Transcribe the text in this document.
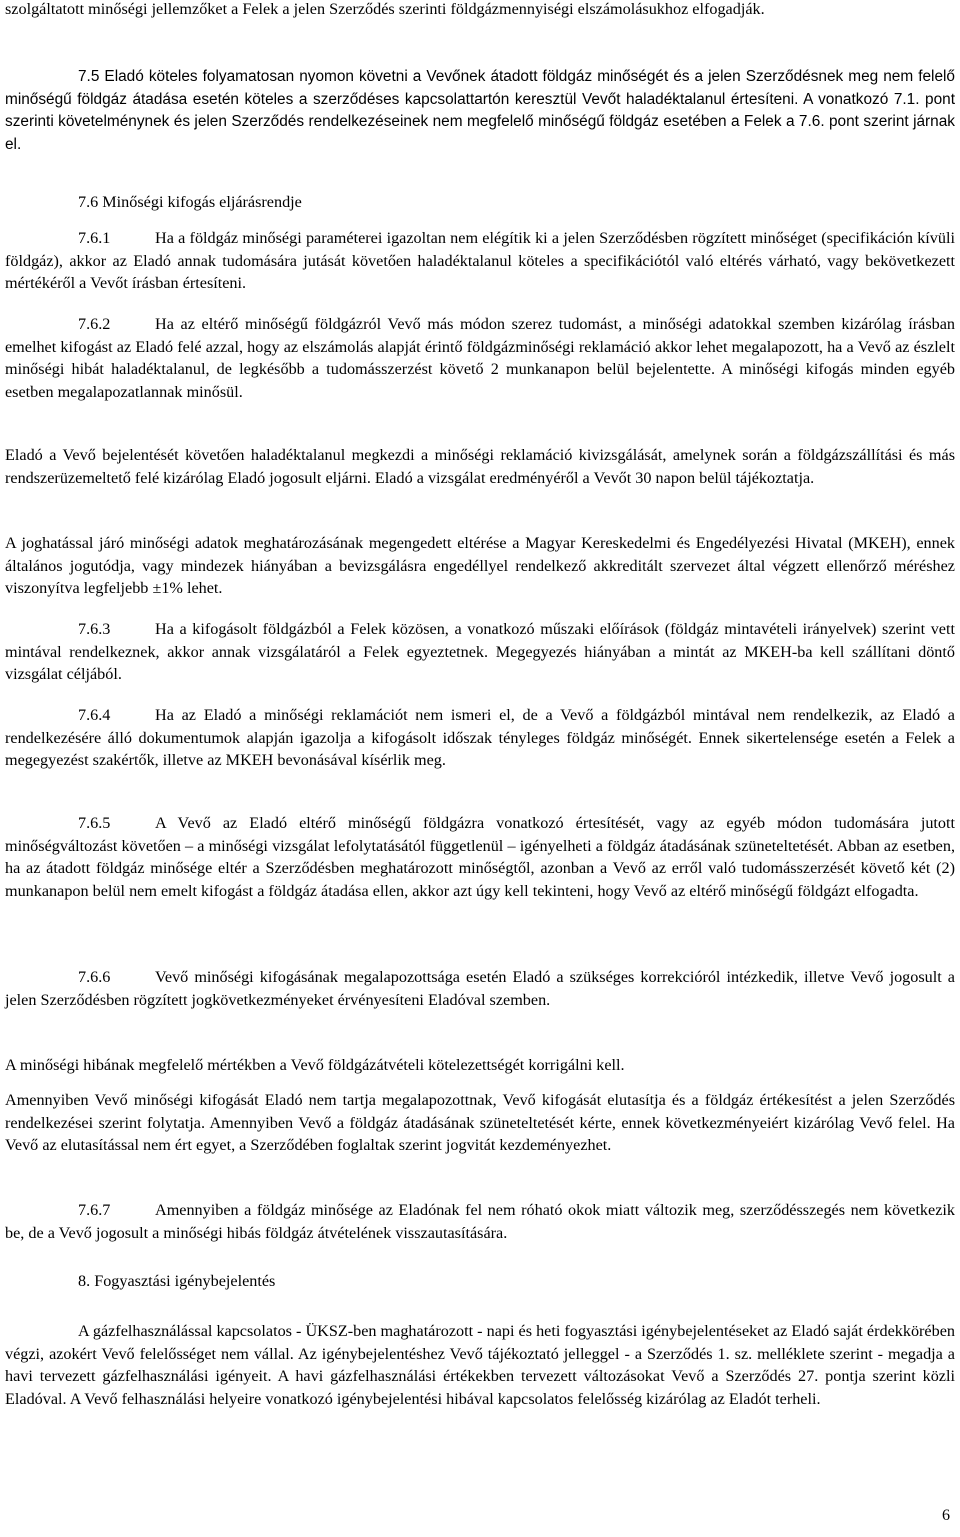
szolgáltatott minőségi jellemzőket a Felek a jelen Szerződés szerinti földgázmennyiségi elszámolásukhoz elfogadják.

7.5 Eladó köteles folyamatosan nyomon követni a Vevőnek átadott földgáz minőségét és a jelen Szerződésnek meg nem felelő minőségű földgáz átadása esetén köteles a szerződéses kapcsolattartón keresztül Vevőt haladéktalanul értesíteni. A vonatkozó 7.1. pont szerinti követelménynek és jelen Szerződés rendelkezéseinek nem megfelelő minőségű földgáz esetében a Felek a 7.6. pont szerint járnak el.

7.6 Minőségi kifogás eljárásrendje

7.6.1	Ha a földgáz minőségi paraméterei igazoltan nem elégítik ki a jelen Szerződésben rögzített minőséget (specifikáción kívüli földgáz), akkor az Eladó annak tudomására jutását követően haladéktalanul köteles a specifikációtól való eltérés várható, vagy bekövetkezett mértékéről a Vevőt írásban értesíteni.

7.6.2	Ha az eltérő minőségű földgázról Vevő más módon szerez tudomást, a minőségi adatokkal szemben kizárólag írásban emelhet kifogást az Eladó felé azzal, hogy az elszámolás alapját érintő földgázminőségi reklamáció akkor lehet megalapozott, ha a Vevő az észlelt minőségi hibát haladéktalanul, de legkésőbb a tudomásszerzést követő 2 munkanapon belül bejelentette. A minőségi kifogás minden egyéb esetben megalapozatlannak minősül.

Eladó a Vevő bejelentését követően haladéktalanul megkezdi a minőségi reklamáció kivizsgálását, amelynek során a földgázszállítási és más rendszerüzemeltető felé kizárólag Eladó jogosult eljárni. Eladó a vizsgálat eredményéről a Vevőt 30 napon belül tájékoztatja.

A joghatással járó minőségi adatok meghatározásának megengedett eltérése a Magyar Kereskedelmi és Engedélyezési Hivatal (MKEH), ennek általános jogutódja, vagy mindezek hiányában a bevizsgálásra engedéllyel rendelkező akkreditált szervezet által végzett ellenőrző méréshez viszonyítva legfeljebb ±1% lehet.

7.6.3	Ha a kifogásolt földgázból a Felek közösen, a vonatkozó műszaki előírások (földgáz mintavételi irányelvek) szerint vett mintával rendelkeznek, akkor annak vizsgálatáról a Felek egyeztetnek. Megegyezés hiányában a mintát az MKEH-ba kell szállítani döntő vizsgálat céljából.

7.6.4	Ha az Eladó a minőségi reklamációt nem ismeri el, de a Vevő a földgázból mintával nem rendelkezik, az Eladó a rendelkezésére álló dokumentumok alapján igazolja a kifogásolt időszak tényleges földgáz minőségét. Ennek sikertelensége esetén a Felek a megegyezést szakértők, illetve az MKEH bevonásával kísérlik meg.

7.6.5	A Vevő az Eladó eltérő minőségű földgázra vonatkozó értesítését, vagy az egyéb módon tudomására jutott minőségváltozást követően – a minőségi vizsgálat lefolytatásától függetlenül – igényelheti a földgáz átadásának szüneteltetését. Abban az esetben, ha az átadott földgáz minősége eltér a Szerződésben meghatározott minőségtől, azonban a Vevő az erről való tudomásszerzését követő két (2) munkanapon belül nem emelt kifogást a földgáz átadása ellen, akkor azt úgy kell tekinteni, hogy Vevő az eltérő minőségű földgázt elfogadta.

7.6.6	Vevő minőségi kifogásának megalapozottsága esetén Eladó a szükséges korrekcióról intézkedik, illetve Vevő jogosult a jelen Szerződésben rögzített jogkövetkezményeket érvényesíteni Eladóval szemben.

A minőségi hibának megfelelő mértékben a Vevő földgázátvételi kötelezettségét korrigálni kell.

Amennyiben Vevő minőségi kifogását Eladó nem tartja megalapozottnak, Vevő kifogását elutasítja és a földgáz értékesítést a jelen Szerződés rendelkezései szerint folytatja. Amennyiben Vevő a földgáz átadásának szüneteltetését kérte, ennek következményeiért kizárólag Vevő felel. Ha Vevő az elutasítással nem ért egyet, a Szerződében foglaltak szerint jogvitát kezdeményezhet.

7.6.7	Amennyiben a földgáz minősége az Eladónak fel nem róható okok miatt változik meg, szerződésszegés nem következik be, de a Vevő jogosult a minőségi hibás földgáz átvételének visszautasítására.

8. Fogyasztási igénybejelentés

A gázfelhasználással kapcsolatos - ÜKSZ-ben maghatározott - napi és heti fogyasztási igénybejelentéseket az Eladó saját érdekkörében végzi, azokért Vevő felelősséget nem vállal. Az igénybejelentéshez Vevő tájékoztató jelleggel - a Szerződés 1. sz. melléklete szerint - megadja a havi tervezett gázfelhasználási igényeit. A havi gázfelhasználási értékekben tervezett változásokat Vevő a Szerződés 27. pontja szerint közli Eladóval. A Vevő felhasználási helyeire vonatkozó igénybejelentési hibával kapcsolatos felelősség kizárólag az Eladót terheli.

6
